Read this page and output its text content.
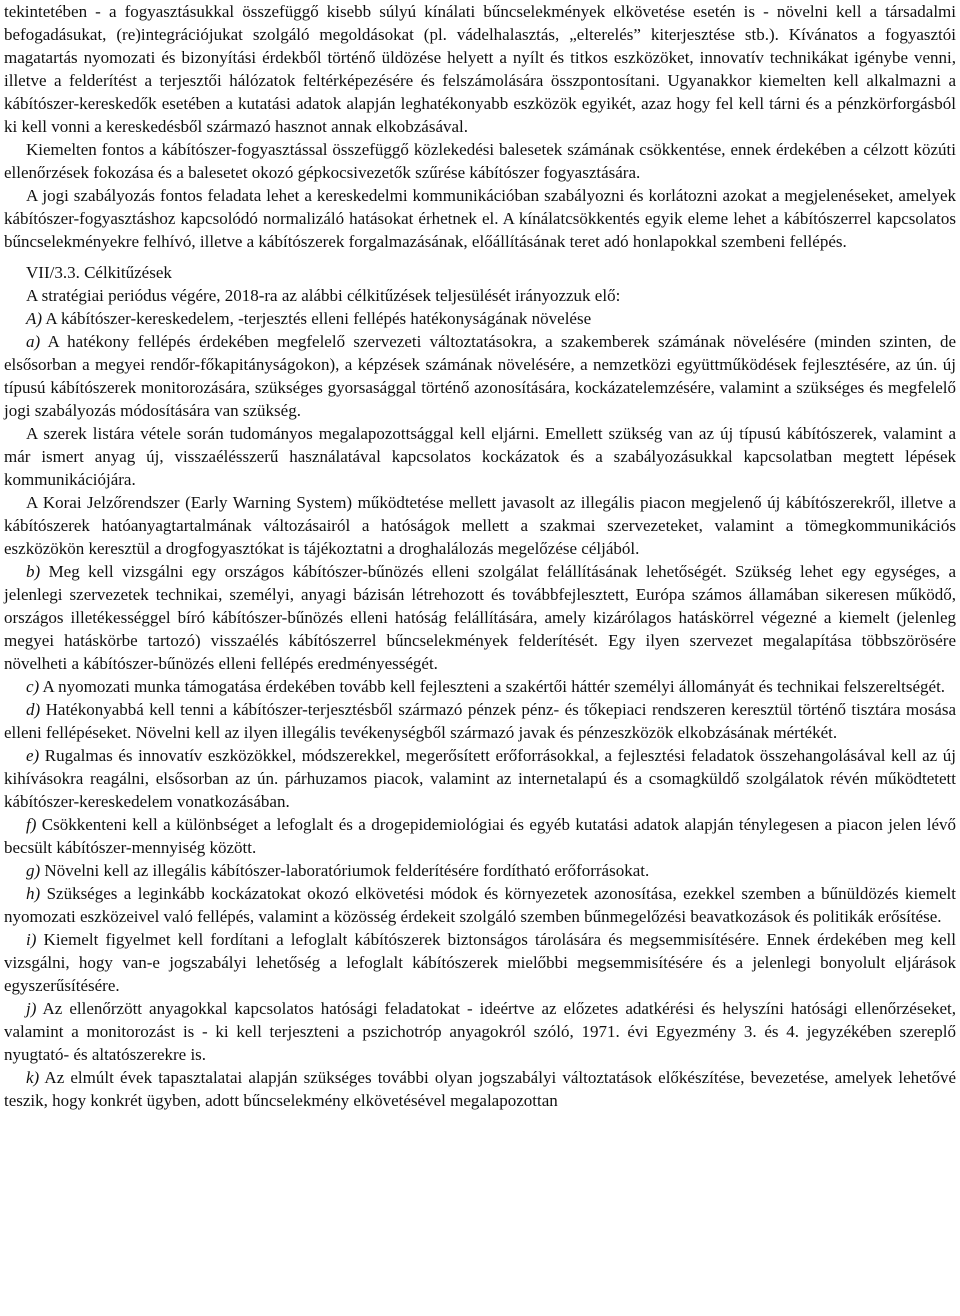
tekintetében - a fogyasztásukkal összefüggő kisebb súlyú kínálati bűncselekmények elkövetése esetén is - növelni kell a társadalmi befogadásukat, (re)integrációjukat szolgáló megoldásokat (pl. vádelhalasztás, „elterelés” kiterjesztése stb.). Kívánatos a fogyasztói magatartás nyomozati és bizonyítási érdekből történő üldözése helyett a nyílt és titkos eszközöket, innovatív technikákat igénybe venni, illetve a felderítést a terjesztői hálózatok feltérképezésére és felszámolására összpontosítani. Ugyanakkor kiemelten kell alkalmazni a kábítószer-kereskedők esetében a kutatási adatok alapján leghatékonyabb eszközök egyikét, azaz hogy fel kell tárni és a pénzkörforgásból ki kell vonni a kereskedésből származó hasznot annak elkobzásával.

Kiemelten fontos a kábítószer-fogyasztással összefüggő közlekedési balesetek számának csökkentése, ennek érdekében a célzott közúti ellenőrzések fokozása és a balesetet okozó gépkocsivezetők szűrése kábítószer fogyasztására.

A jogi szabályozás fontos feladata lehet a kereskedelmi kommunikációban szabályozni és korlátozni azokat a megjelenéseket, amelyek kábítószer-fogyasztáshoz kapcsolódó normalizáló hatásokat érhetnek el. A kínálatcsökkentés egyik eleme lehet a kábítószerrel kapcsolatos bűncselekményekre felhívó, illetve a kábítószerek forgalmazásának, előállításának teret adó honlapokkal szembeni fellépés.

VII/3.3. Célkitűzések

A stratégiai periódus végére, 2018-ra az alábbi célkitűzések teljesülését irányozzuk elő:

A) A kábítószer-kereskedelem, -terjesztés elleni fellépés hatékonyságának növelése

a) A hatékony fellépés érdekében megfelelő szervezeti változtatásokra, a szakemberek számának növelésére (minden szinten, de elsősorban a megyei rendőr-főkapitányságokon), a képzések számának növelésére, a nemzetközi együttműködések fejlesztésére, az ún. új típusú kábítószerek monitorozására, szükséges gyorsasággal történő azonosítására, kockázatelemzésére, valamint a szükséges és megfelelő jogi szabályozás módosítására van szükség.

A szerek listára vétele során tudományos megalapozottsággal kell eljárni. Emellett szükség van az új típusú kábítószerek, valamint a már ismert anyag új, visszaélésszerű használatával kapcsolatos kockázatok és a szabályozásukkal kapcsolatban megtett lépések kommunikációjára.

A Korai Jelzőrendszer (Early Warning System) működtetése mellett javasolt az illegális piacon megjelenő új kábítószerekről, illetve a kábítószerek hatóanyagtartalmának változásairól a hatóságok mellett a szakmai szervezeteket, valamint a tömegkommunikációs eszközökön keresztül a drogfogyasztókat is tájékoztatni a droghalálozás megelőzése céljából.

b) Meg kell vizsgálni egy országos kábítószer-bűnözés elleni szolgálat felállításának lehetőségét. Szükség lehet egy egységes, a jelenlegi szervezetek technikai, személyi, anyagi bázisán létrehozott és továbbfejlesztett, Európa számos államában sikeresen működő, országos illetékességgel bíró kábítószer-bűnözés elleni hatóság felállítására, amely kizárólagos hatáskörrel végezné a kiemelt (jelenleg megyei hatáskörbe tartozó) visszaélés kábítószerrel bűncselekmények felderítését. Egy ilyen szervezet megalapítása többszörösére növelheti a kábítószer-bűnözés elleni fellépés eredményességét.

c) A nyomozati munka támogatása érdekében tovább kell fejleszteni a szakértői háttér személyi állományát és technikai felszereltségét.

d) Hatékonyabbá kell tenni a kábítószer-terjesztésből származó pénzek pénz- és tőkepiaci rendszeren keresztül történő tisztára mosása elleni fellépéseket. Növelni kell az ilyen illegális tevékenységből származó javak és pénzeszközök elkobzásának mértékét.

e) Rugalmas és innovatív eszközökkel, módszerekkel, megerősített erőforrásokkal, a fejlesztési feladatok összehangolásával kell az új kihívásokra reagálni, elsősorban az ún. párhuzamos piacok, valamint az internetalapú és a csomagküldő szolgálatok révén működtetett kábítószer-kereskedelem vonatkozásában.

f) Csökkenteni kell a különbséget a lefoglalt és a drogepidemiológiai és egyéb kutatási adatok alapján ténylegesen a piacon jelen lévő becsült kábítószer-mennyiség között.

g) Növelni kell az illegális kábítószer-laboratóriumok felderítésére fordítható erőforrásokat.

h) Szükséges a leginkább kockázatokat okozó elkövetési módok és környezetek azonosítása, ezekkel szemben a bűnüldözés kiemelt nyomozati eszközeivel való fellépés, valamint a közösség érdekeit szolgáló szemben bűnmegelőzési beavatkozások és politikák erősítése.

i) Kiemelt figyelmet kell fordítani a lefoglalt kábítószerek biztonságos tárolására és megsemmisítésére. Ennek érdekében meg kell vizsgálni, hogy van-e jogszabályi lehetőség a lefoglalt kábítószerek mielőbbi megsemmisítésére és a jelenlegi bonyolult eljárások egyszerűsítésére.

j) Az ellenőrzött anyagokkal kapcsolatos hatósági feladatokat - ideértve az előzetes adatkérési és helyszíni hatósági ellenőrzéseket, valamint a monitorozást is - ki kell terjeszteni a pszichotróp anyagokról szóló, 1971. évi Egyezmény 3. és 4. jegyzékében szereplő nyugtató- és altatószerekre is.

k) Az elmúlt évek tapasztalatai alapján szükséges további olyan jogszabályi változtatások előkészítése, bevezetése, amelyek lehetővé teszik, hogy konkrét ügyben, adott bűncselekmény elkövetésével megalapozottan
